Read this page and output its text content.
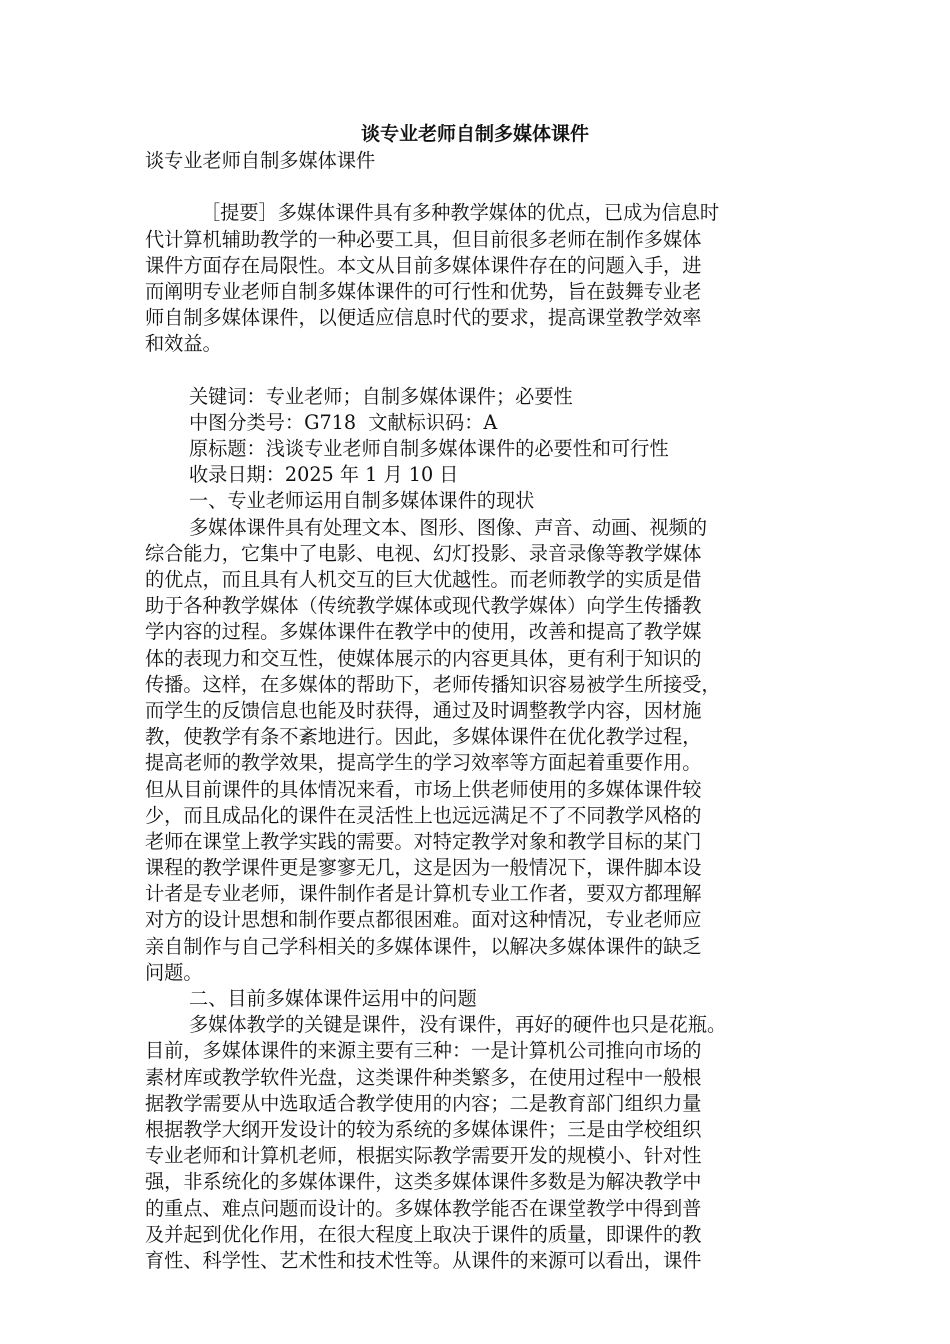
谈专业老师自制多媒体课件
谈专业老师自制多媒体课件
［提要］多媒体课件具有多种教学媒体的优点，已成为信息时
代计算机辅助教学的一种必要工具，但目前很多老师在制作多媒体
课件方面存在局限性。本文从目前多媒体课件存在的问题入手，进
而阐明专业老师自制多媒体课件的可行性和优势，旨在鼓舞专业老
师自制多媒体课件，以便适应信息时代的要求，提高课堂教学效率
和效益。
关键词：专业老师；自制多媒体课件；必要性
中图分类号：G718  文献标识码：A
原标题：浅谈专业老师自制多媒体课件的必要性和可行性
收录日期：2025 年 1 月 10 日
一、专业老师运用自制多媒体课件的现状
多媒体课件具有处理文本、图形、图像、声音、动画、视频的
综合能力，它集中了电影、电视、幻灯投影、录音录像等教学媒体
的优点，而且具有人机交互的巨大优越性。而老师教学的实质是借
助于各种教学媒体（传统教学媒体或现代教学媒体）向学生传播教
学内容的过程。多媒体课件在教学中的使用，改善和提高了教学媒
体的表现力和交互性，使媒体展示的内容更具体，更有利于知识的
传播。这样，在多媒体的帮助下，老师传播知识容易被学生所接受，
而学生的反馈信息也能及时获得，通过及时调整教学内容，因材施
教，使教学有条不紊地进行。因此，多媒体课件在优化教学过程，
提高老师的教学效果，提高学生的学习效率等方面起着重要作用。
但从目前课件的具体情况来看，市场上供老师使用的多媒体课件较
少，而且成品化的课件在灵活性上也远远满足不了不同教学风格的
老师在课堂上教学实践的需要。对特定教学对象和教学目标的某门
课程的教学课件更是寥寥无几，这是因为一般情况下，课件脚本设
计者是专业老师，课件制作者是计算机专业工作者，要双方都理解
对方的设计思想和制作要点都很困难。面对这种情况，专业老师应
亲自制作与自己学科相关的多媒体课件，以解决多媒体课件的缺乏
问题。
二、目前多媒体课件运用中的问题
多媒体教学的关键是课件，没有课件，再好的硬件也只是花瓶。
目前，多媒体课件的来源主要有三种：一是计算机公司推向市场的
素材库或教学软件光盘，这类课件种类繁多，在使用过程中一般根
据教学需要从中选取适合教学使用的内容；二是教育部门组织力量
根据教学大纲开发设计的较为系统的多媒体课件；三是由学校组织
专业老师和计算机老师，根据实际教学需要开发的规模小、针对性
强，非系统化的多媒体课件，这类多媒体课件多数是为解决教学中
的重点、难点问题而设计的。多媒体教学能否在课堂教学中得到普
及并起到优化作用，在很大程度上取决于课件的质量，即课件的教
育性、科学性、艺术性和技术性等。从课件的来源可以看出，课件
